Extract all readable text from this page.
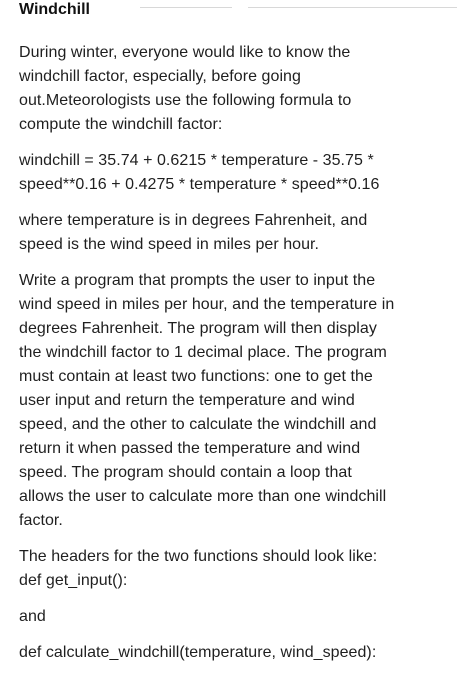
Windchill

During winter, everyone would like to know the
windchill factor, especially, before going
out.Meteorologists use the following formula to
compute the windchill factor:

windchill = 35.74 + 0.6215 * temperature - 35.75 *
speed**0.16 + 0.4275 * temperature * speed**0.16

where temperature is in degrees Fahrenheit, and
speed is the wind speed in miles per hour.

Write a program that prompts the user to input the
wind speed in miles per hour, and the temperature in
degrees Fahrenheit. The program will then display
the windchill factor to 1 decimal place. The program
must contain at least two functions: one to get the
user input and return the temperature and wind
speed, and the other to calculate the windchill and
return it when passed the temperature and wind
speed. The program should contain a loop that
allows the user to calculate more than one windchill
factor.

The headers for the two functions should look like:
def get_input():

and

def calculate_windchill(temperature, wind_speed):
